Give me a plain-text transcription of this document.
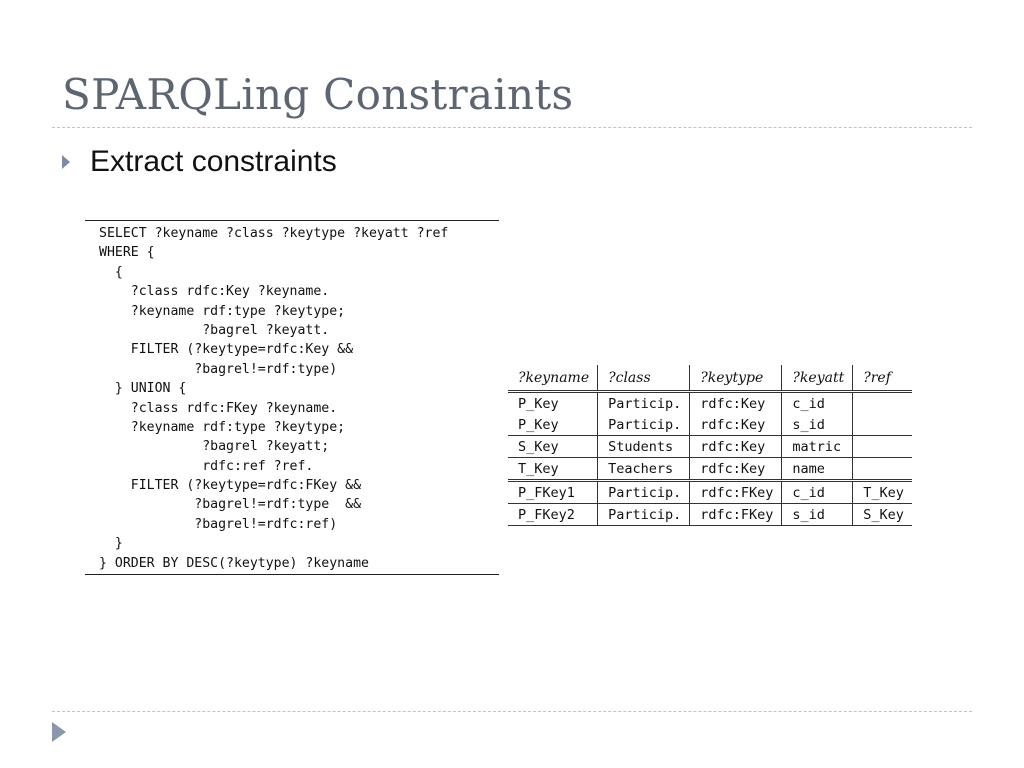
SPARQLing Constraints
Extract constraints
SELECT ?keyname ?class ?keytype ?keyatt ?ref
WHERE {
{
?class rdfc:Key ?keyname.
?keyname rdf:type ?keytype;
?bagrel ?keyatt.
FILTER (?keytype=rdfc:Key &&
?bagrel!=rdf:type)
} UNION {
?class rdfc:FKey ?keyname.
?keyname rdf:type ?keytype;
?bagrel ?keyatt;
rdfc:ref ?ref.
FILTER (?keytype=rdfc:FKey &&
?bagrel!=rdf:type  &&
?bagrel!=rdfc:ref)
}
} ORDER BY DESC(?keytype) ?keyname
?keyname	?class	?keytype	?keyatt	?ref
P_Key	Particip.	rdfc:Key	c_id	
P_Key	Particip.	rdfc:Key	s_id	
S_Key	Students	rdfc:Key	matric	
T_Key	Teachers	rdfc:Key	name	
P_FKey1	Particip.	rdfc:FKey	c_id	T_Key
P_FKey2	Particip.	rdfc:FKey	s_id	S_Key
